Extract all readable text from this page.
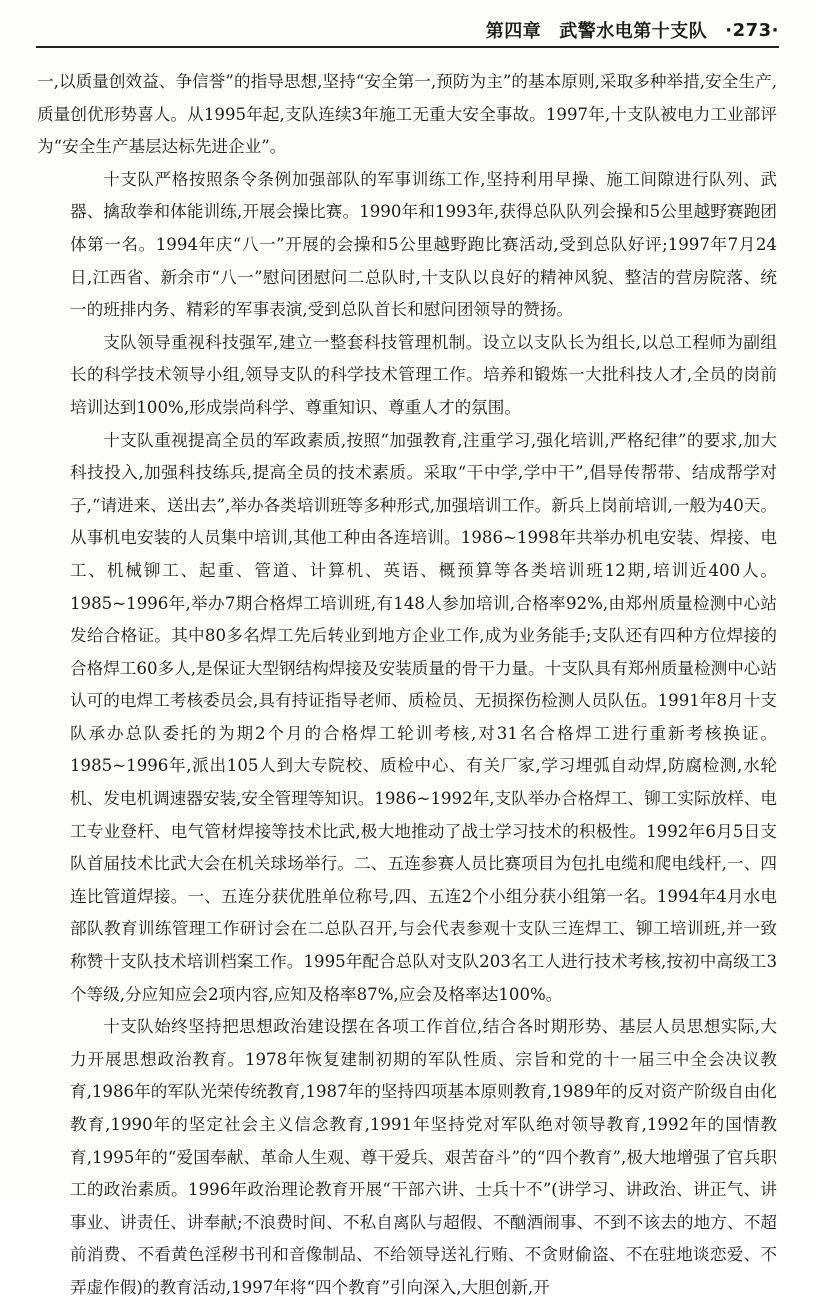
第四章 武警水电第十支队 ·273·

一,以质量创效益、争信誉”的指导思想,坚持“安全第一,预防为主”的基本原则,采取多种举措,安全生产,质量创优形势喜人。从1995年起,支队连续3年施工无重大安全事故。1997年,十支队被电力工业部评为“安全生产基层达标先进企业”。

十支队严格按照条令条例加强部队的军事训练工作,坚持利用早操、施工间隙进行队列、武器、擒敌拳和体能训练,开展会操比赛。1990年和1993年,获得总队队列会操和5公里越野赛跑团体第一名。1994年庆“八一”开展的会操和5公里越野跑比赛活动,受到总队好评;1997年7月24日,江西省、新余市“八一”慰问团慰问二总队时,十支队以良好的精神风貌、整洁的营房院落、统一的班排内务、精彩的军事表演,受到总队首长和慰问团领导的赞扬。

支队领导重视科技强军,建立一整套科技管理机制。设立以支队长为组长,以总工程师为副组长的科学技术领导小组,领导支队的科学技术管理工作。培养和锻炼一大批科技人才,全员的岗前培训达到100%,形成崇尚科学、尊重知识、尊重人才的氛围。

十支队重视提高全员的军政素质,按照“加强教育,注重学习,强化培训,严格纪律”的要求,加大科技投入,加强科技练兵,提高全员的技术素质。采取“干中学,学中干”,倡导传帮带、结成帮学对子,“请进来、送出去”,举办各类培训班等多种形式,加强培训工作。新兵上岗前培训,一般为40天。从事机电安装的人员集中培训,其他工种由各连培训。1986~1998年共举办机电安装、焊接、电工、机械铆工、起重、管道、计算机、英语、概预算等各类培训班12期,培训近400人。1985~1996年,举办7期合格焊工培训班,有148人参加培训,合格率92%,由郑州质量检测中心站发给合格证。其中80多名焊工先后转业到地方企业工作,成为业务能手;支队还有四种方位焊接的合格焊工60多人,是保证大型钢结构焊接及安装质量的骨干力量。十支队具有郑州质量检测中心站认可的电焊工考核委员会,具有持证指导老师、质检员、无损探伤检测人员队伍。1991年8月十支队承办总队委托的为期2个月的合格焊工轮训考核,对31名合格焊工进行重新考核换证。1985~1996年,派出105人到大专院校、质检中心、有关厂家,学习埋弧自动焊,防腐检测,水轮机、发电机调速器安装,安全管理等知识。1986~1992年,支队举办合格焊工、铆工实际放样、电工专业登杆、电气管材焊接等技术比武,极大地推动了战士学习技术的积极性。1992年6月5日支队首届技术比武大会在机关球场举行。二、五连参赛人员比赛项目为包扎电缆和爬电线杆,一、四连比管道焊接。一、五连分获优胜单位称号,四、五连2个小组分获小组第一名。1994年4月水电部队教育训练管理工作研讨会在二总队召开,与会代表参观十支队三连焊工、铆工培训班,并一致称赞十支队技术培训档案工作。1995年配合总队对支队203名工人进行技术考核,按初中高级工3个等级,分应知应会2项内容,应知及格率87%,应会及格率达100%。

十支队始终坚持把思想政治建设摆在各项工作首位,结合各时期形势、基层人员思想实际,大力开展思想政治教育。1978年恢复建制初期的军队性质、宗旨和党的十一届三中全会决议教育,1986年的军队光荣传统教育,1987年的坚持四项基本原则教育,1989年的反对资产阶级自由化教育,1990年的坚定社会主义信念教育,1991年坚持党对军队绝对领导教育,1992年的国情教育,1995年的“爱国奉献、革命人生观、尊干爱兵、艰苦奋斗”的“四个教育”,极大地增强了官兵职工的政治素质。1996年政治理论教育开展“干部六讲、士兵十不”(讲学习、讲政治、讲正气、讲事业、讲责任、讲奉献;不浪费时间、不私自离队与超假、不酗酒闹事、不到不该去的地方、不超前消费、不看黄色淫秽书刊和音像制品、不给领导送礼行贿、不贪财偷盗、不在驻地谈恋爱、不弄虚作假)的教育活动,1997年将“四个教育”引向深入,大胆创新,开
